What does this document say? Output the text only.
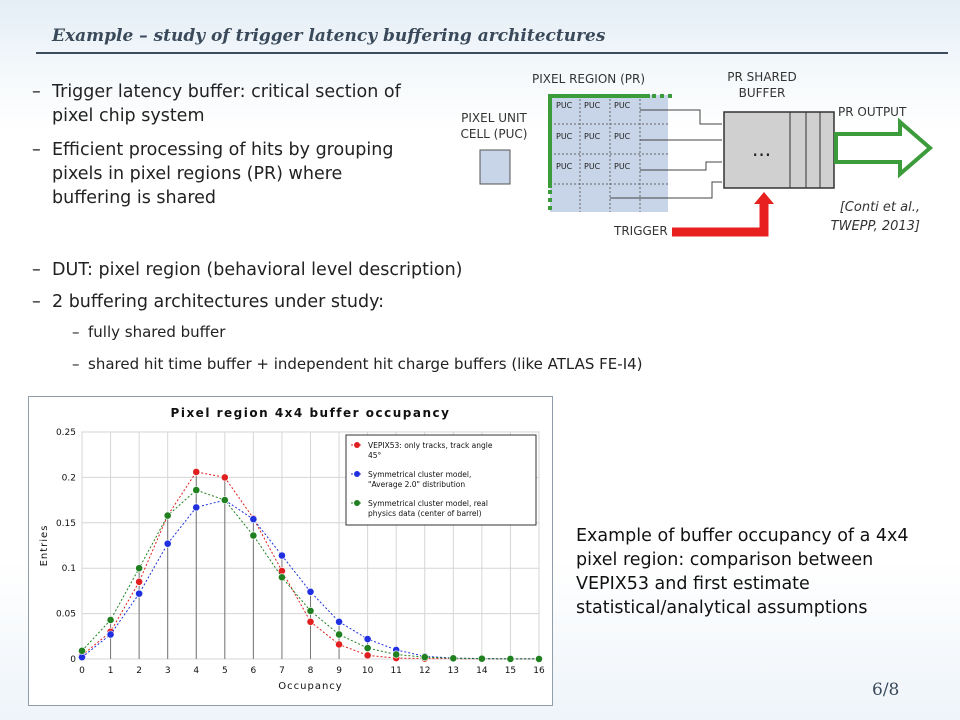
Example – study of trigger latency buffering architectures
– Trigger latency buffer: critical section of pixel chip system
– Efficient processing of hits by grouping pixels in pixel regions (PR) where buffering is shared
– DUT: pixel region (behavioral level description)
– 2 buffering architectures under study:
– fully shared buffer
– shared hit time buffer + independent hit charge buffers (like ATLAS FE-I4)
PIXEL REGION (PR)
PIXEL UNIT
CELL (PUC)
PR SHARED
BUFFER
PR OUTPUT
TRIGGER
[Conti et al.,
TWEPP, 2013]
PUC PUC PUC
PUC PUC PUC
PUC PUC PUC
...
Pixel region 4x4 buffer occupancy
0
0.05
0.1
0.15
0.2
0.25
0	1	2	3	4	5	6	7	8	9 10 11 12 13 14 15 16
Occupancy
Entries
VEPIX53: only tracks, track angle
45°
Symmetrical cluster model,
"Average 2.0" distribution
Symmetrical cluster model, real
physics data (center of barrel)
Example of buffer occupancy of a 4x4 pixel region: comparison between VEPIX53 and first estimate statistical/analytical assumptions
6/8
